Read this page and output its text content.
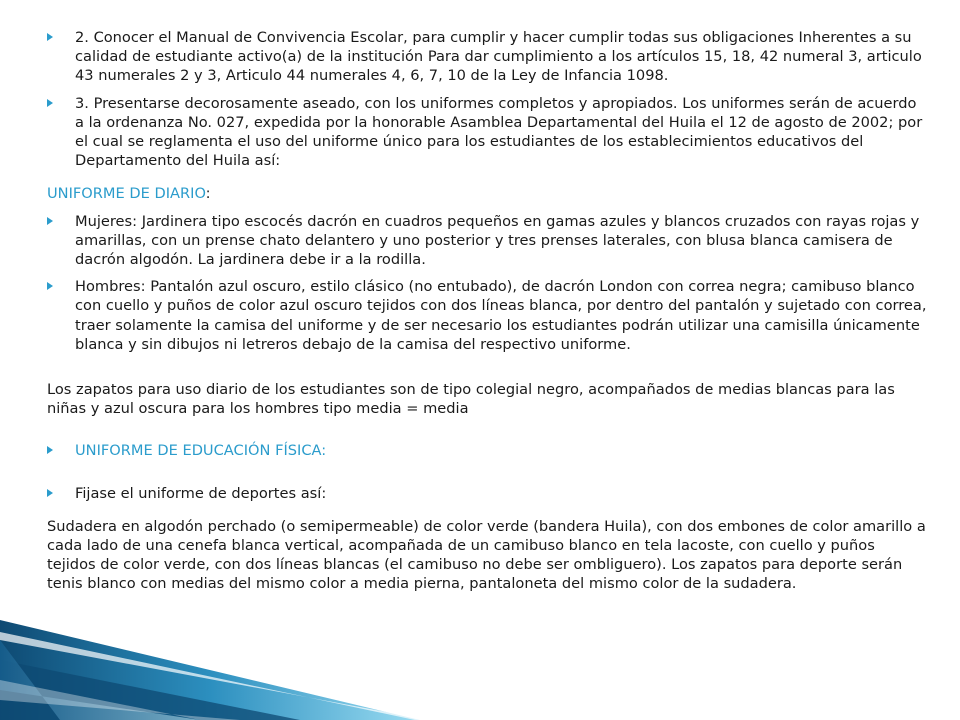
2. Conocer el Manual de Convivencia Escolar, para cumplir y hacer cumplir todas sus obligaciones Inherentes a su calidad de estudiante activo(a) de la institución Para dar cumplimiento a los artículos 15, 18, 42 numeral 3, articulo 43 numerales 2 y 3, Articulo 44 numerales 4, 6, 7, 10 de la Ley de Infancia 1098.
3. Presentarse decorosamente aseado, con los uniformes completos y apropiados. Los uniformes serán de acuerdo a la ordenanza No. 027, expedida por la honorable Asamblea Departamental del Huila el 12 de agosto de 2002; por el cual se reglamenta el uso del uniforme único para los estudiantes de los establecimientos educativos del Departamento del Huila así:
UNIFORME DE DIARIO:
Mujeres: Jardinera tipo escocés dacrón en cuadros pequeños en gamas azules y blancos cruzados con rayas rojas y amarillas, con un prense chato delantero y uno posterior y tres prenses laterales, con blusa blanca camisera de dacrón algodón. La jardinera debe ir a la rodilla.
Hombres: Pantalón azul oscuro, estilo clásico (no entubado), de dacrón London con correa negra; camibuso blanco con cuello y puños de color azul oscuro tejidos con dos líneas blanca, por dentro del pantalón y sujetado con correa, traer solamente la camisa del uniforme y de ser necesario los estudiantes podrán utilizar una camisilla únicamente blanca y sin dibujos ni letreros debajo de la camisa del respectivo uniforme.
Los zapatos para uso diario de los estudiantes son de tipo colegial negro, acompañados de medias blancas para las niñas y azul oscura para los hombres tipo media = media
UNIFORME DE EDUCACIÓN FÍSICA:
Fijase el uniforme de deportes así:
Sudadera en algodón perchado (o semipermeable) de color verde (bandera Huila), con dos embones de color amarillo a cada lado de una cenefa blanca vertical, acompañada de un camibuso blanco en tela lacoste, con cuello y puños tejidos de color verde, con dos líneas blancas (el camibuso no debe ser ombliguero). Los zapatos para deporte serán tenis blanco con medias del mismo color a media pierna, pantaloneta del mismo color de la sudadera.
